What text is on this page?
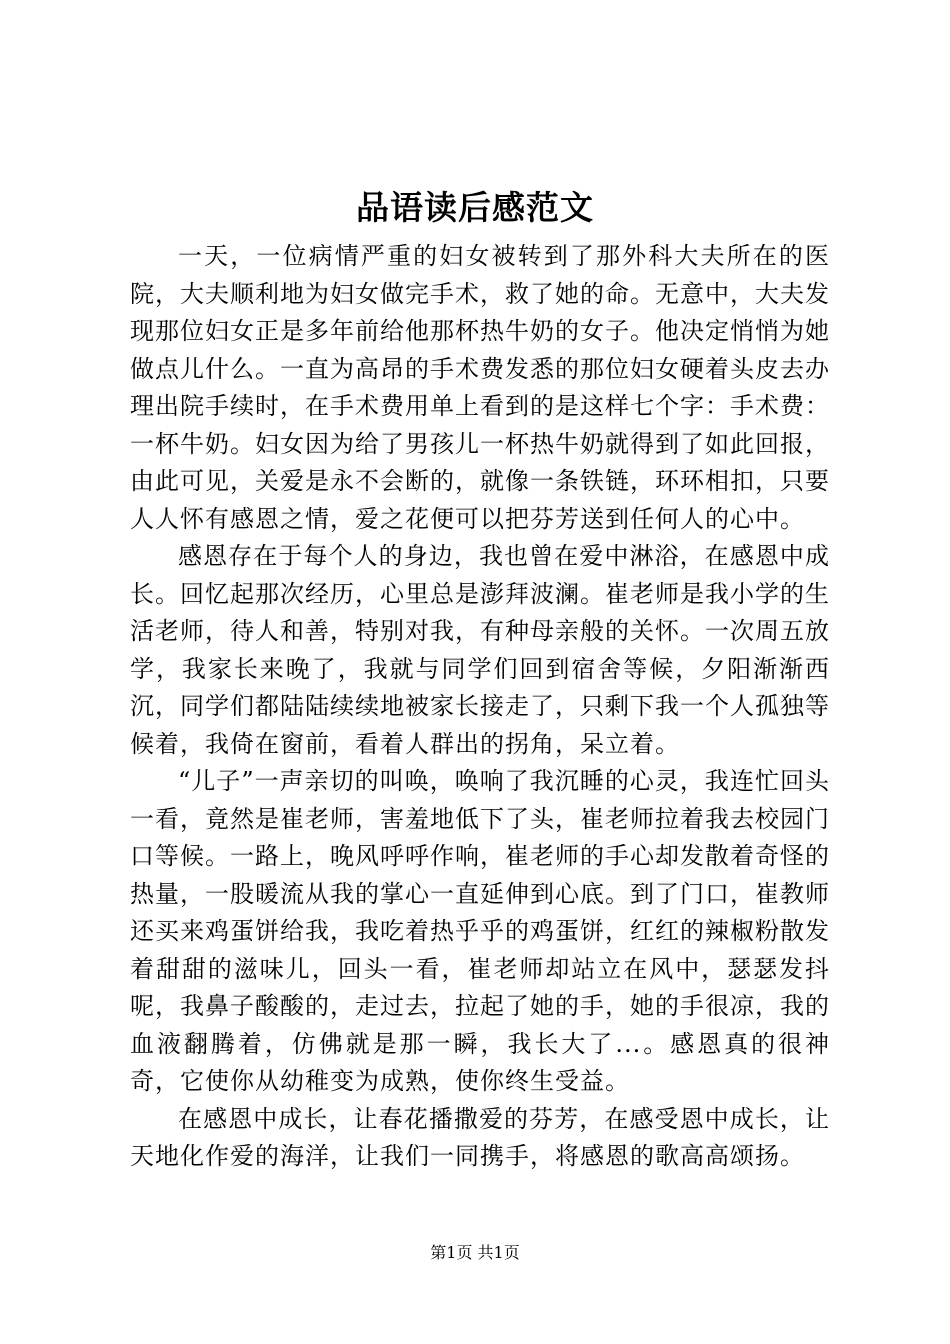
品语读后感范文

一天，一位病情严重的妇女被转到了那外科大夫所在的医院，大夫顺利地为妇女做完手术，救了她的命。无意中，大夫发现那位妇女正是多年前给他那杯热牛奶的女子。他决定悄悄为她做点儿什么。一直为高昂的手术费发悉的那位妇女硬着头皮去办理出院手续时，在手术费用单上看到的是这样七个字：手术费：一杯牛奶。妇女因为给了男孩儿一杯热牛奶就得到了如此回报，由此可见，关爱是永不会断的，就像一条铁链，环环相扣，只要人人怀有感恩之情，爱之花便可以把芬芳送到任何人的心中。

感恩存在于每个人的身边，我也曾在爱中淋浴，在感恩中成长。回忆起那次经历，心里总是澎拜波澜。崔老师是我小学的生活老师，待人和善，特别对我，有种母亲般的关怀。一次周五放学，我家长来晚了，我就与同学们回到宿舍等候，夕阳渐渐西沉，同学们都陆陆续续地被家长接走了，只剩下我一个人孤独等候着，我倚在窗前，看着人群出的拐角，呆立着。

“儿子”一声亲切的叫唤，唤响了我沉睡的心灵，我连忙回头一看，竟然是崔老师，害羞地低下了头，崔老师拉着我去校园门口等候。一路上，晚风呼呼作响，崔老师的手心却发散着奇怪的热量，一股暖流从我的掌心一直延伸到心底。到了门口，崔教师还买来鸡蛋饼给我，我吃着热乎乎的鸡蛋饼，红红的辣椒粉散发着甜甜的滋味儿，回头一看，崔老师却站立在风中，瑟瑟发抖呢，我鼻子酸酸的，走过去，拉起了她的手，她的手很凉，我的血液翻腾着，仿佛就是那一瞬，我长大了...。感恩真的很神奇，它使你从幼稚变为成熟，使你终生受益。

在感恩中成长，让春花播撒爱的芬芳，在感受恩中成长，让天地化作爱的海洋，让我们一同携手，将感恩的歌高高颂扬。

第1页 共1页
